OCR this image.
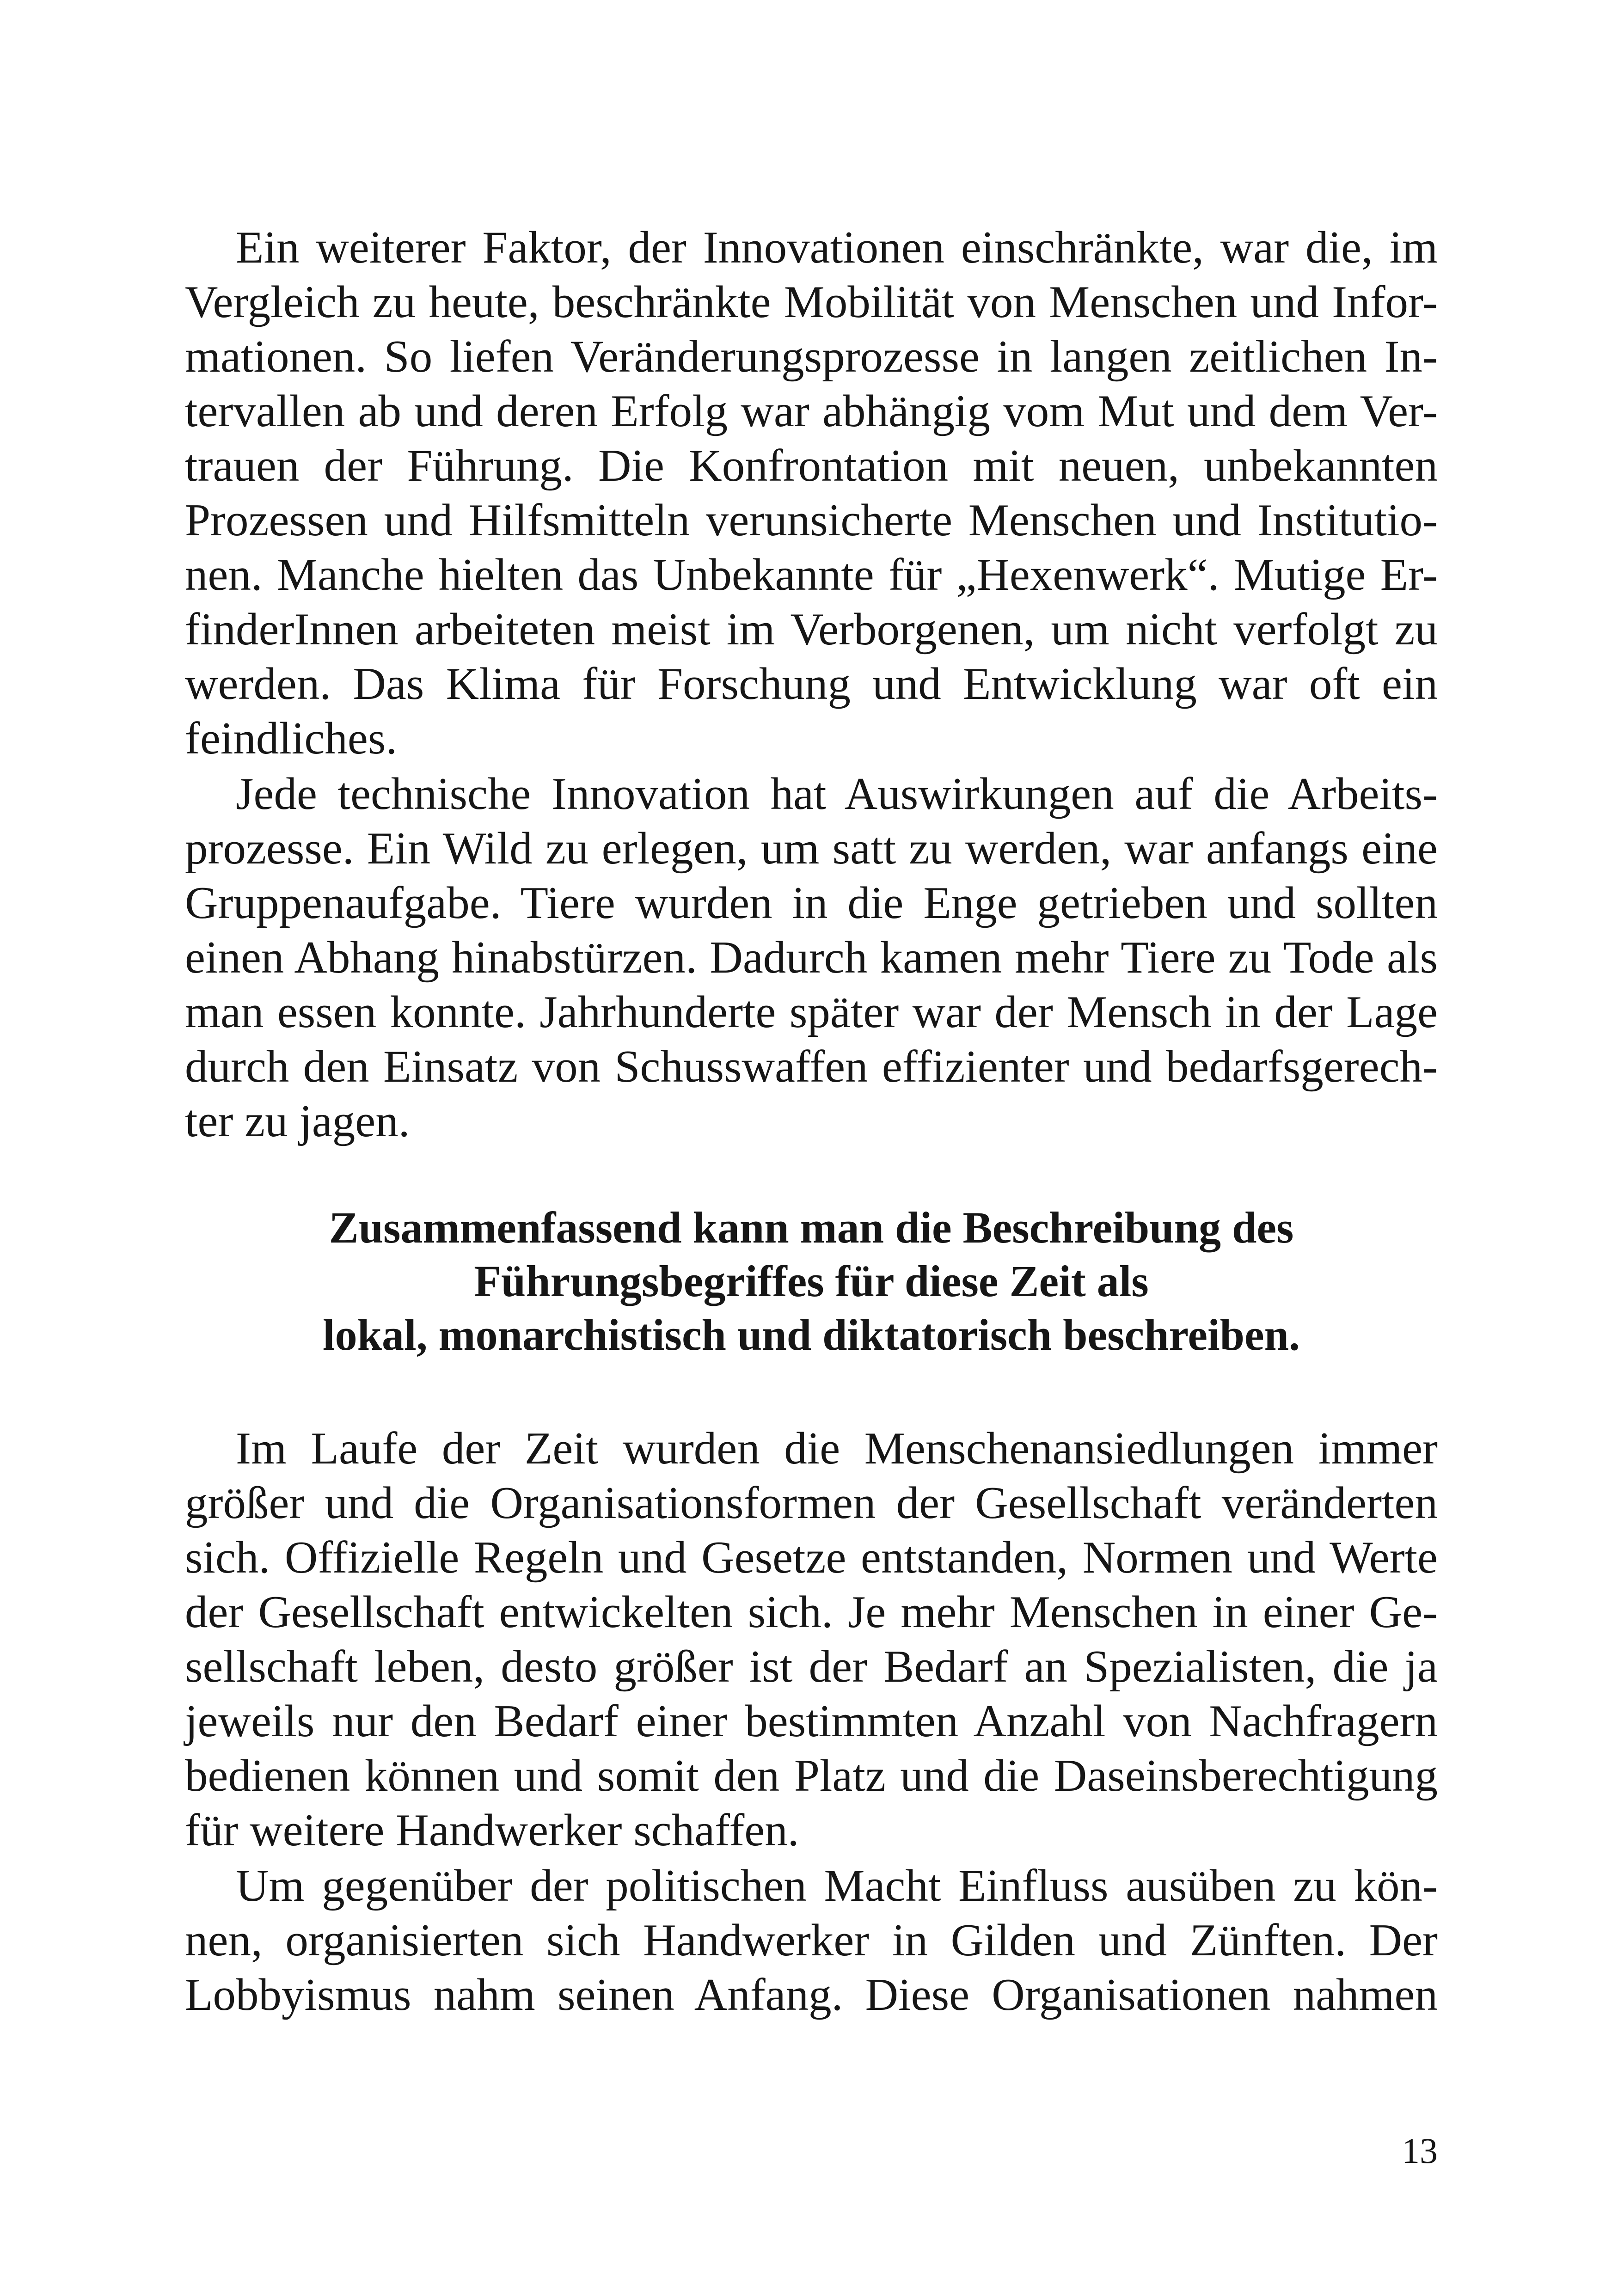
Ein weiterer Faktor, der Innovationen einschränkte, war die, im
Vergleich zu heute, beschränkte Mobilität von Menschen und Infor-
mationen. So liefen Veränderungsprozesse in langen zeitlichen In-
tervallen ab und deren Erfolg war abhängig vom Mut und dem Ver-
trauen der Führung. Die Konfrontation mit neuen, unbekannten
Prozessen und Hilfsmitteln verunsicherte Menschen und Institutio-
nen. Manche hielten das Unbekannte für „Hexenwerk“. Mutige Er-
finderInnen arbeiteten meist im Verborgenen, um nicht verfolgt zu
werden. Das Klima für Forschung und Entwicklung war oft ein
feindliches.
Jede technische Innovation hat Auswirkungen auf die Arbeits-
prozesse. Ein Wild zu erlegen, um satt zu werden, war anfangs eine
Gruppenaufgabe. Tiere wurden in die Enge getrieben und sollten
einen Abhang hinabstürzen. Dadurch kamen mehr Tiere zu Tode als
man essen konnte. Jahrhunderte später war der Mensch in der Lage
durch den Einsatz von Schusswaffen effizienter und bedarfsgerech-
ter zu jagen.
Zusammenfassend kann man die Beschreibung des
Führungsbegriffes für diese Zeit als
lokal, monarchistisch und diktatorisch beschreiben.
Im Laufe der Zeit wurden die Menschenansiedlungen immer
größer und die Organisationsformen der Gesellschaft veränderten
sich. Offizielle Regeln und Gesetze entstanden, Normen und Werte
der Gesellschaft entwickelten sich. Je mehr Menschen in einer Ge-
sellschaft leben, desto größer ist der Bedarf an Spezialisten, die ja
jeweils nur den Bedarf einer bestimmten Anzahl von Nachfragern
bedienen können und somit den Platz und die Daseinsberechtigung
für weitere Handwerker schaffen.
Um gegenüber der politischen Macht Einfluss ausüben zu kön-
nen, organisierten sich Handwerker in Gilden und Zünften. Der
Lobbyismus nahm seinen Anfang. Diese Organisationen nahmen
13
